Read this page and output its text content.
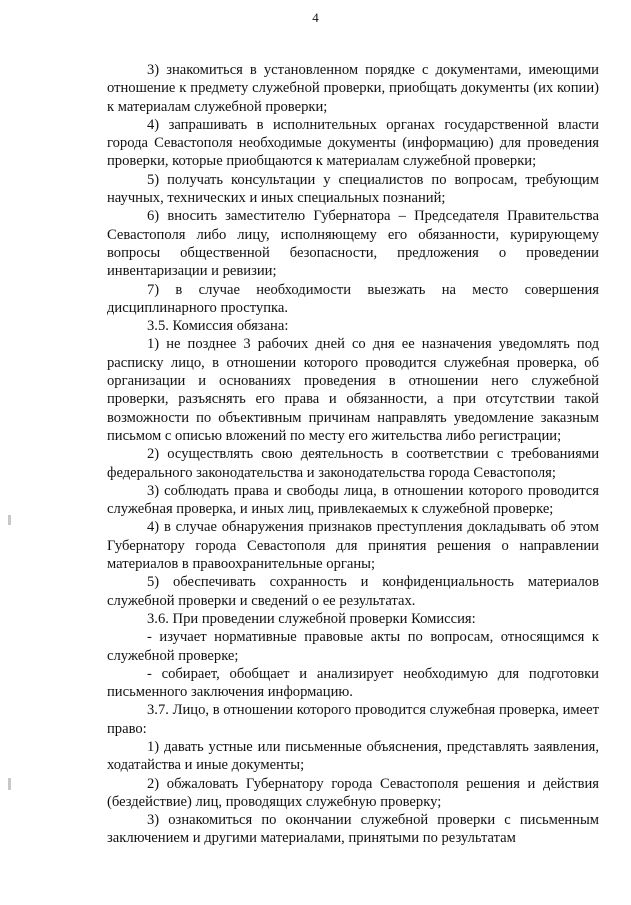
4

3) знакомиться в установленном порядке с документами, имеющими отношение к предмету служебной проверки, приобщать документы (их копии) к материалам служебной проверки;

4) запрашивать в исполнительных органах государственной власти города Севастополя необходимые документы (информацию) для проведения проверки, которые приобщаются к материалам служебной проверки;

5) получать консультации у специалистов по вопросам, требующим научных, технических и иных специальных познаний;

6) вносить заместителю Губернатора – Председателя Правительства Севастополя либо лицу, исполняющему его обязанности, курирующему вопросы общественной безопасности, предложения о проведении инвентаризации и ревизии;

7) в случае необходимости выезжать на место совершения дисциплинарного проступка.

3.5. Комиссия обязана:

1) не позднее 3 рабочих дней со дня ее назначения уведомлять под расписку лицо, в отношении которого проводится служебная проверка, об организации и основаниях проведения в отношении него служебной проверки, разъяснять его права и обязанности, а при отсутствии такой возможности по объективным причинам направлять уведомление заказным письмом с описью вложений по месту его жительства либо регистрации;

2) осуществлять свою деятельность в соответствии с требованиями федерального законодательства и законодательства города Севастополя;

3) соблюдать права и свободы лица, в отношении которого проводится служебная проверка, и иных лиц, привлекаемых к служебной проверке;

4) в случае обнаружения признаков преступления докладывать об этом Губернатору города Севастополя для принятия решения о направлении материалов в правоохранительные органы;

5) обеспечивать сохранность и конфиденциальность материалов служебной проверки и сведений о ее результатах.

3.6. При проведении служебной проверки Комиссия:

- изучает нормативные правовые акты по вопросам, относящимся к служебной проверке;

- собирает, обобщает и анализирует необходимую для подготовки письменного заключения информацию.

3.7. Лицо, в отношении которого проводится служебная проверка, имеет право:

1) давать устные или письменные объяснения, представлять заявления, ходатайства и иные документы;

2) обжаловать Губернатору города Севастополя решения и действия (бездействие) лиц, проводящих служебную проверку;

3) ознакомиться по окончании служебной проверки с письменным заключением и другими материалами, принятыми по результатам
